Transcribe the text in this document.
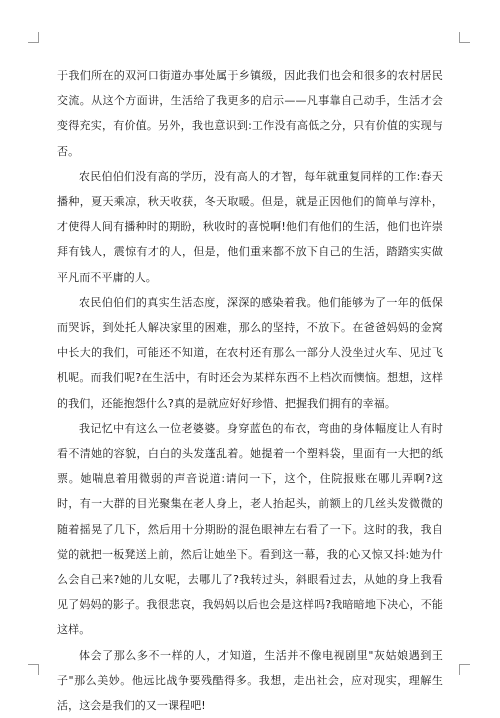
于我们所在的双河口街道办事处属于乡镇级，因此我们也会和很多的农村居民交流。从这个方面讲，生活给了我更多的启示——凡事靠自己动手，生活才会变得充实，有价值。另外，我也意识到:工作没有高低之分，只有价值的实现与否。

农民伯伯们没有高的学历，没有高人的才智，每年就重复同样的工作:春天播种，夏天乘凉，秋天收获，冬天取暖。但是，就是正因他们的简单与淳朴，才使得人间有播种时的期盼，秋收时的喜悦啊!他们有他们的生活，他们也许崇拜有钱人，震惊有才的人，但是，他们重来都不放下自己的生活，踏踏实实做平凡而不平庸的人。

农民伯伯们的真实生活态度，深深的感染着我。他们能够为了一年的低保而哭诉，到处托人解决家里的困难，那么的坚持，不放下。在爸爸妈妈的金窝中长大的我们，可能还不知道，在农村还有那么一部分人没坐过火车、见过飞机呢。而我们呢?在生活中，有时还会为某样东西不上档次而懊恼。想想，这样的我们，还能抱怨什么?真的是就应好好珍惜、把握我们拥有的幸福。

我记忆中有这么一位老婆婆。身穿蓝色的布衣，弯曲的身体幅度让人有时看不清她的容貌，白白的头发蓬乱着。她提着一个塑料袋，里面有一大把的纸票。她喘息着用微弱的声音说道:请问一下，这个，住院报账在哪儿弄啊?这时，有一大群的目光聚集在老人身上，老人抬起头，前额上的几丝头发微微的随着摇晃了几下，然后用十分期盼的混色眼神左右看了一下。这时的我，我自觉的就把一板凳送上前，然后让她坐下。看到这一幕，我的心又惊又抖:她为什么会自己来?她的儿女呢，去哪儿了?我转过头，斜眼看过去，从她的身上我看见了妈妈的影子。我很悲哀，我妈妈以后也会是这样吗?我暗暗地下决心，不能这样。

体会了那么多不一样的人，才知道，生活并不像电视剧里"灰姑娘遇到王子"那么美妙。他远比战争要残酷得多。我想，走出社会，应对现实，理解生活，这会是我们的又一课程吧!
